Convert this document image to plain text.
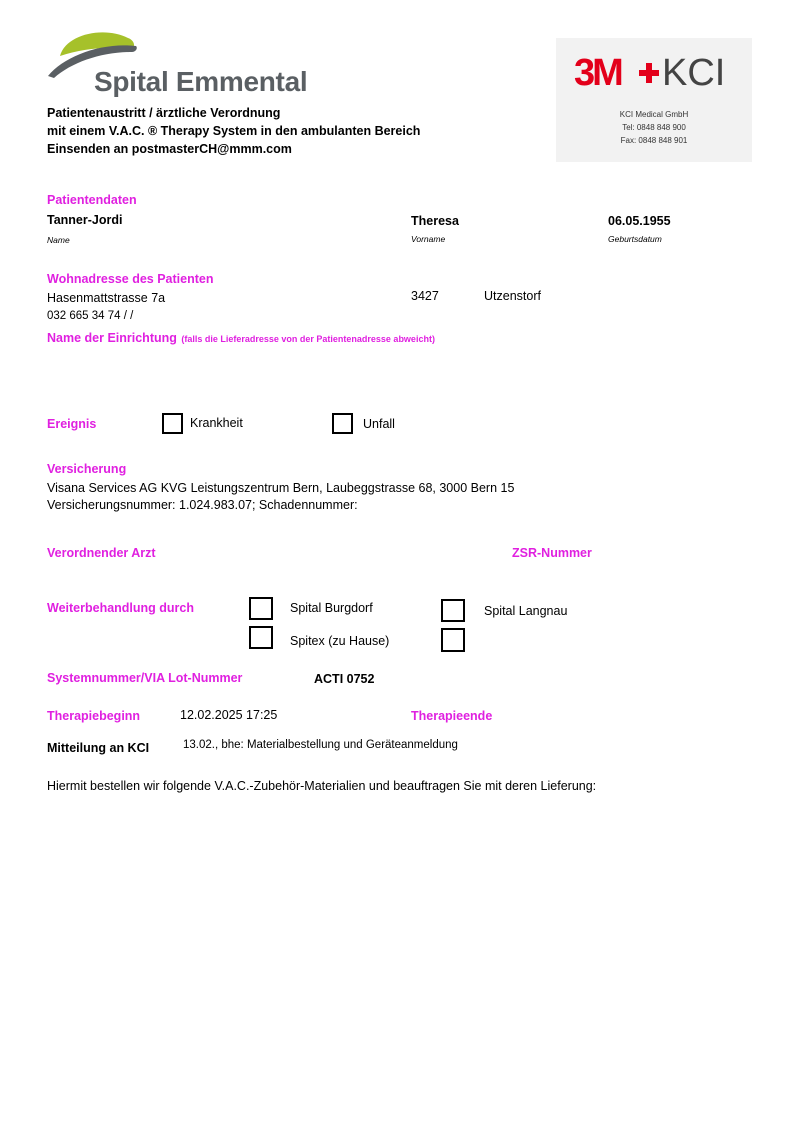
Spital Emmental
Patientenaustritt / ärztliche Verordnung
mit einem V.A.C. ® Therapy System in den ambulanten Bereich
Einsenden an postmasterCH@mmm.com
3M KCI
KCI Medical GmbH
Tel: 0848 848 900
Fax: 0848 848 901
Patientendaten
Tanner-Jordi	Theresa	06.05.1955
Name	Vorname	Geburtsdatum
Wohnadresse des Patienten
Hasenmattstrasse 7a	3427	Utzenstorf
032 665 34 74 / /
Name der Einrichtung (falls die Lieferadresse von der Patientenadresse abweicht)
Ereignis	Krankheit	Unfall
Versicherung
Visana Services AG KVG Leistungszentrum Bern, Laubeggstrasse 68, 3000 Bern 15
Versicherungsnummer: 1.024.983.07; Schadennummer:
Verordnender Arzt	ZSR-Nummer
Weiterbehandlung durch	Spital Burgdorf	Spital Langnau
Spitex (zu Hause)
Systemnummer/VIA Lot-Nummer	ACTI 0752
Therapiebeginn	12.02.2025 17:25	Therapieende
Mitteilung an KCI	13.02., bhe: Materialbestellung und Geräteanmeldung
Hiermit bestellen wir folgende V.A.C.-Zubehör-Materialien und beauftragen Sie mit deren Lieferung:
